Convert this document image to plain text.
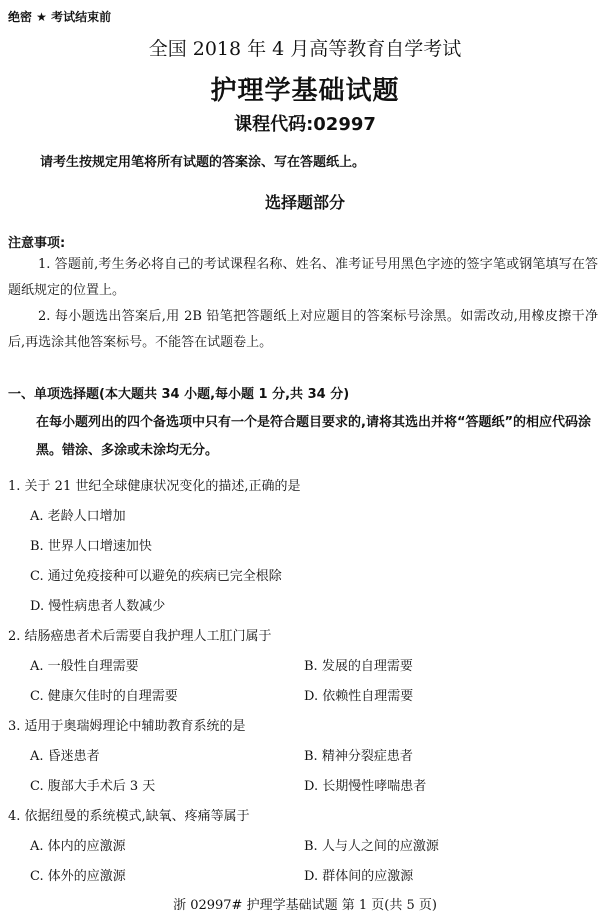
绝密 ★ 考试结束前
全国 2018 年 4 月高等教育自学考试
护理学基础试题
课程代码:02997
请考生按规定用笔将所有试题的答案涂、写在答题纸上。
选择题部分
注意事项:
1. 答题前,考生务必将自己的考试课程名称、姓名、准考证号用黑色字迹的签字笔或钢笔填写在答题纸规定的位置上。
2. 每小题选出答案后,用 2B 铅笔把答题纸上对应题目的答案标号涂黑。如需改动,用橡皮擦干净后,再选涂其他答案标号。不能答在试题卷上。
一、单项选择题(本大题共 34 小题,每小题 1 分,共 34 分)
在每小题列出的四个备选项中只有一个是符合题目要求的,请将其选出并将“答题纸”的相应代码涂黑。错涂、多涂或未涂均无分。
1. 关于 21 世纪全球健康状况变化的描述,正确的是
A. 老龄人口增加
B. 世界人口增速加快
C. 通过免疫接种可以避免的疾病已完全根除
D. 慢性病患者人数减少
2. 结肠癌患者术后需要自我护理人工肛门属于
A. 一般性自理需要	B. 发展的自理需要
C. 健康欠佳时的自理需要	D. 依赖性自理需要
3. 适用于奥瑞姆理论中辅助教育系统的是
A. 昏迷患者	B. 精神分裂症患者
C. 腹部大手术后 3 天	D. 长期慢性哮喘患者
4. 依据纽曼的系统模式,缺氧、疼痛等属于
A. 体内的应激源	B. 人与人之间的应激源
C. 体外的应激源	D. 群体间的应激源
浙 02997# 护理学基础试题 第 1 页(共 5 页)
